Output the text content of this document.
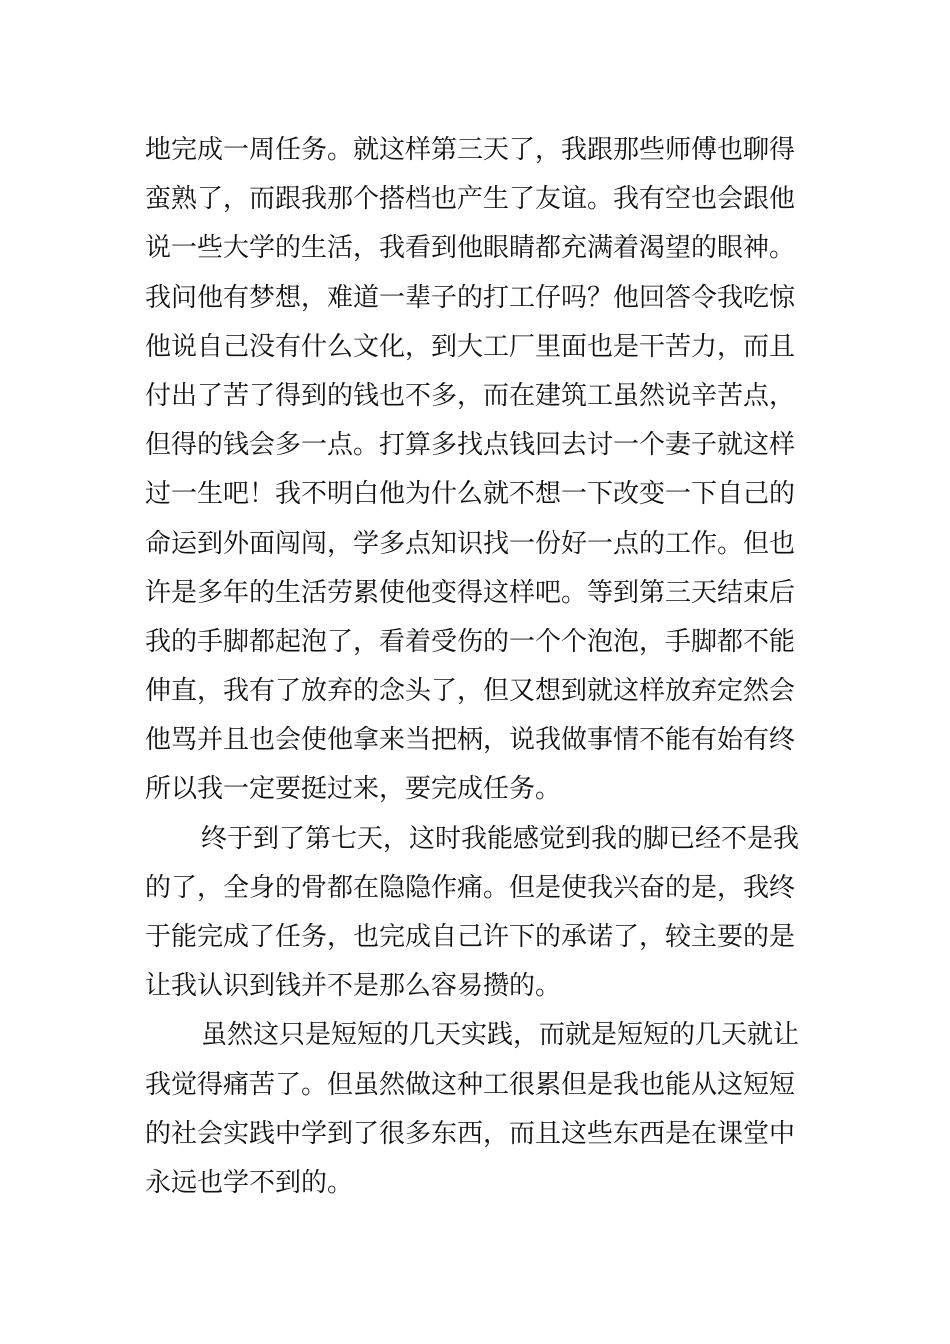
地完成一周任务。就这样第三天了，我跟那些师傅也聊得
蛮熟了，而跟我那个搭档也产生了友谊。我有空也会跟他
说一些大学的生活，我看到他眼睛都充满着渴望的眼神。
我问他有梦想，难道一辈子的打工仔吗？他回答令我吃惊
他说自己没有什么文化，到大工厂里面也是干苦力，而且
付出了苦了得到的钱也不多，而在建筑工虽然说辛苦点，
但得的钱会多一点。打算多找点钱回去讨一个妻子就这样
过一生吧！我不明白他为什么就不想一下改变一下自己的
命运到外面闯闯，学多点知识找一份好一点的工作。但也
许是多年的生活劳累使他变得这样吧。等到第三天结束后
我的手脚都起泡了，看着受伤的一个个泡泡，手脚都不能
伸直，我有了放弃的念头了，但又想到就这样放弃定然会
他骂并且也会使他拿来当把柄，说我做事情不能有始有终
所以我一定要挺过来，要完成任务。
终于到了第七天，这时我能感觉到我的脚已经不是我
的了，全身的骨都在隐隐作痛。但是使我兴奋的是，我终
于能完成了任务，也完成自己许下的承诺了，较主要的是
让我认识到钱并不是那么容易攒的。
虽然这只是短短的几天实践，而就是短短的几天就让
我觉得痛苦了。但虽然做这种工很累但是我也能从这短短
的社会实践中学到了很多东西，而且这些东西是在课堂中
永远也学不到的。
